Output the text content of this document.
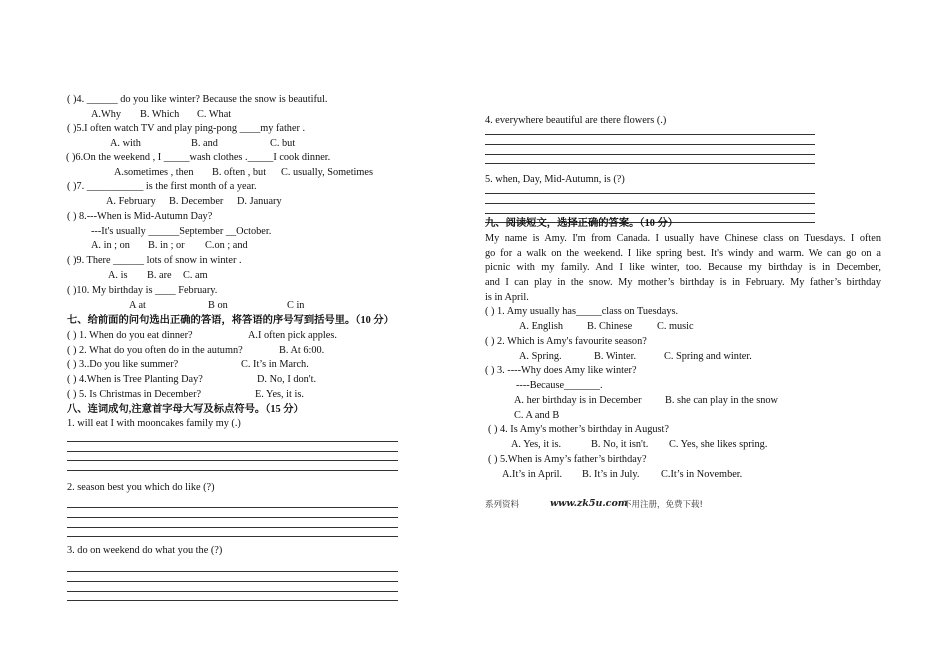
( )4. ______ do you like winter? Because the snow is beautiful.
A.Why B. Which C. What
( )5.I often watch TV and play ping-pong ____my father .
A. with	B. and	C. but
( )6.On the weekend , I _____wash clothes ._____I cook dinner.
A.sometimes , then B. often , but C. usually, Sometimes
( )7. ___________ is the first month of a year.
A. February B. December D. January
( ) 8.---When is Mid-Autumn Day?
---It's usually ______September __October.
A. in ; on B. in ; or C.on ; and
( )9. There ______ lots of snow in winter .
A. is B. are C. am
( )10. My birthday is ____ February.
A at	B on	C in
七、给前面的问句选出正确的答语，将答语的序号写到括号里。（10 分）
( ) 1. When do you eat dinner?	A.I often pick apples.
( ) 2. What do you often do in the autumn?	B. At 6:00.
( ) 3..Do you like summer?	C. It’s in March.
( ) 4.When is Tree Planting Day?	D. No, I don't.
( ) 5. Is Christmas in December?	E. Yes, it is.
八、连词成句,注意首字母大写及标点符号。（15 分）
1. will eat I with mooncakes family my (.)
2. season best you which do like (?)
3. do on weekend do what you the (?)
4. everywhere beautiful are there flowers (.)
5. when, Day, Mid-Autumn, is (?)
九、阅读短文，选择正确的答案。（10 分）
My name is Amy. I'm from Canada. I usually have Chinese class on Tuesdays. I often
go for a walk on the weekend. I like spring best. It's windy and warm. We can go on a
picnic with my family. And I like winter, too. Because my birthday is in December,
and I can play in the snow. My mother’s birthday is in February. My father’s birthday
is in April.
( ) 1. Amy usually has_____class on Tuesdays.
A. English B. Chinese C. music
( ) 2. Which is Amy's favourite season?
A. Spring.	B. Winter.	C. Spring and winter.
( ) 3. ----Why does Amy like winter?
----Because_______.
A. her birthday is in December B. she can play in the snow
C. A and B
( ) 4. Is Amy's mother’s birthday in August?
A. Yes, it is.	B. No, it isn't. C. Yes, she likes spring.
( ) 5.When is Amy’s father’s birthday?
A.It’s in April. B. It’s in July. C.It’s in November.
系列资料	www.zk5u.com
不用注册，免费下载!
